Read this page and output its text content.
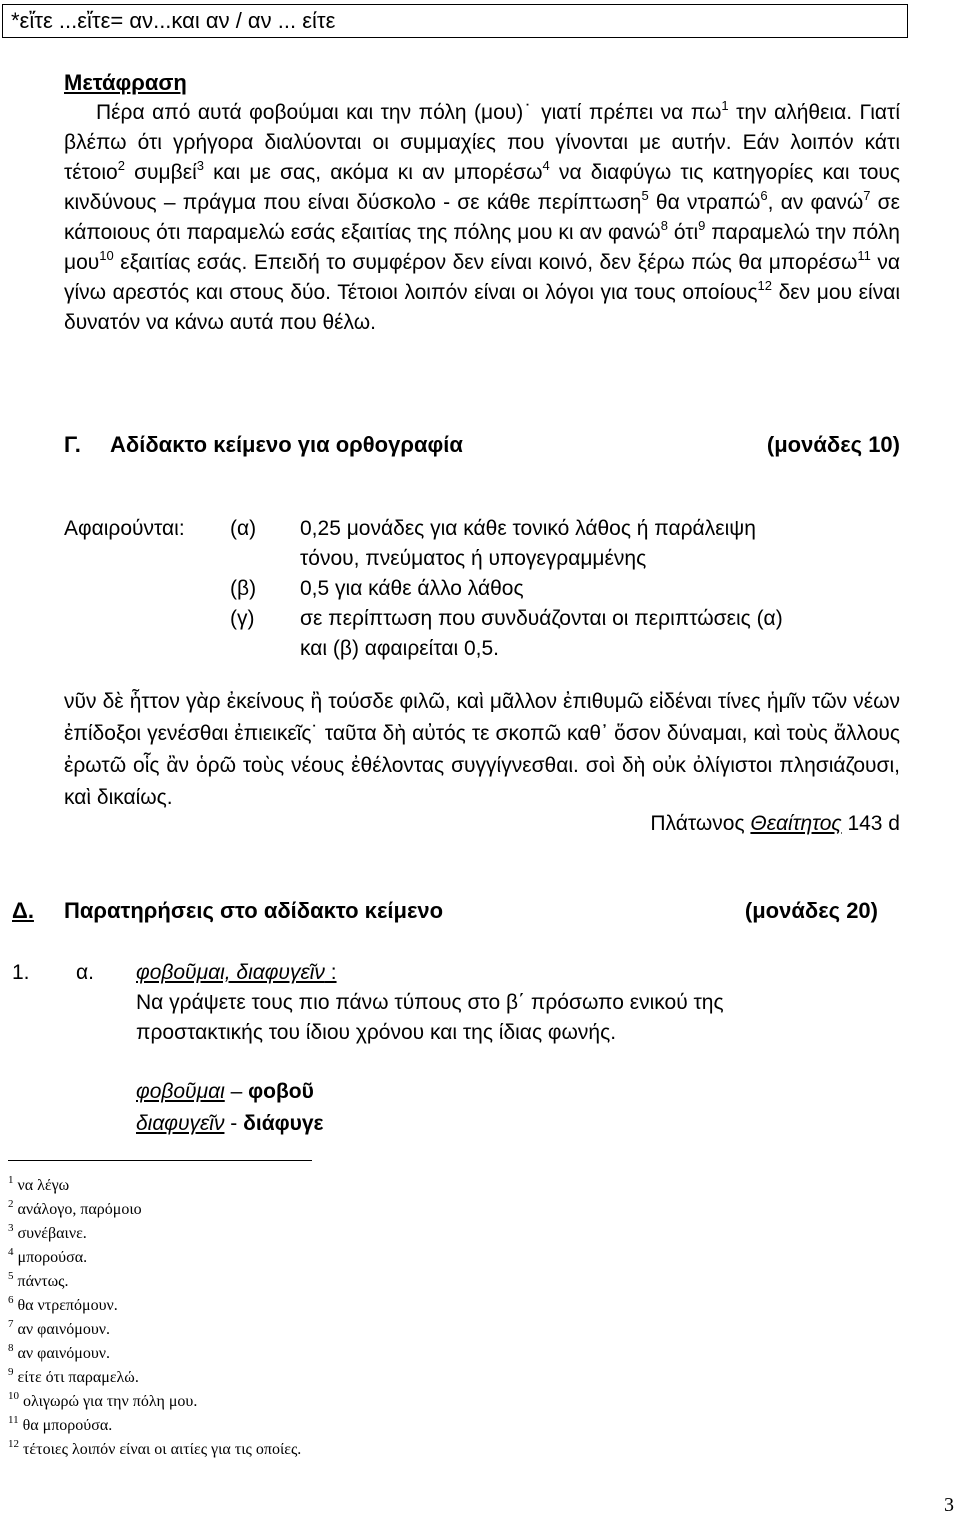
*εἴτε ...εἴτε= αν...και αν / αν ... είτε
Μετάφραση
Πέρα από αυτά φοβούμαι και την πόλη (μου)˙ γιατί πρέπει να $\pi\omega^1$ την αλήθεια. Γιατί βλέπω ότι γρήγορα διαλύονται οι συμμαχίες που γίνονται με αυτήν. Εάν λοιπόν κάτι τέτοιο$^2$ συμβεί$^3$ και με σας, ακόμα κι αν μπορέσω$^4$ να διαφύγω τις κατηγορίες και τους κινδύνους – πράγμα που είναι δύσκολο - σε κάθε περίπτωση$^5$ θα ντραπώ$^6$, αν φανώ$^7$ σε κάποιους ότι παραμελώ εσάς εξαιτίας της πόλης μου κι αν φανώ$^8$ ότι$^9$ παραμελώ την πόλη μου$^{10}$ εξαιτίας εσάς. Επειδή το συμφέρον δεν είναι κοινό, δεν ξέρω πώς θα μπορέσω$^{11}$ να γίνω αρεστός και στους δύο. Τέτοιοι λοιπόν είναι οι λόγοι για τους οποίους$^{12}$ δεν μου είναι δυνατόν να κάνω αυτά που θέλω.
Γ. Αδίδακτο κείμενο για ορθογραφία	(μονάδες 10)

Αφαιρούνται: (α) 0,25 μονάδες για κάθε τονικό λάθος ή παράλειψη
τόνου, πνεύματος ή υπογεγραμμένης
(β) 0,5 για κάθε άλλο λάθος
(γ) σε περίπτωση που συνδυάζονται οι περιπτώσεις (α)
και (β) αφαιρείται 0,5.
νῦν δὲ ἧττον γὰρ ἐκείνους ἢ τούσδε φιλῶ, καὶ μᾶλλον ἐπιθυμῶ εἰδέναι τίνες ἡμῖν τῶν νέων ἐπίδοξοι γενέσθαι ἐπιεικεῖς˙ ταῦτα δὴ αὐτός τε σκοπῶ καθ᾽ ὅσον δύναμαι, καὶ τοὺς ἄλλους ἐρωτῶ οἷς ἂν ὁρῶ τοὺς νέους ἐθέλοντας συγγίγνεσθαι. σοὶ δὴ οὐκ ὀλίγιστοι πλησιάζουσι, καὶ δικαίως.
Πλάτωνος Θεαίτητος 143 d
Δ. Παρατηρήσεις στο αδίδακτο κείμενο	(μονάδες 20)

1. α. φοβοῦμαι, διαφυγεῖν :
Να γράψετε τους πιο πάνω τύπους στο β΄ πρόσωπο ενικού της προστακτικής του ίδιου χρόνου και της ίδιας φωνής.
φοβοῦμαι – φοβοῦ
διαφυγεῖν - διάφυγε
$^1$ να λέγω
$^2$ ανάλογο, παρόμοιο
$^3$ συνέβαινε.
$^4$ μπορούσα.
$^5$ πάντως.
$^6$ θα ντρεπόμουν.
$^7$ αν φαινόμουν.
$^8$ αν φαινόμουν.
$^9$ είτε ότι παραμελώ.
$^{10}$ ολιγωρώ για την πόλη μου.
$^{11}$ θα μπορούσα.
$^{12}$ τέτοιες λοιπόν είναι οι αιτίες για τις οποίες.
3
